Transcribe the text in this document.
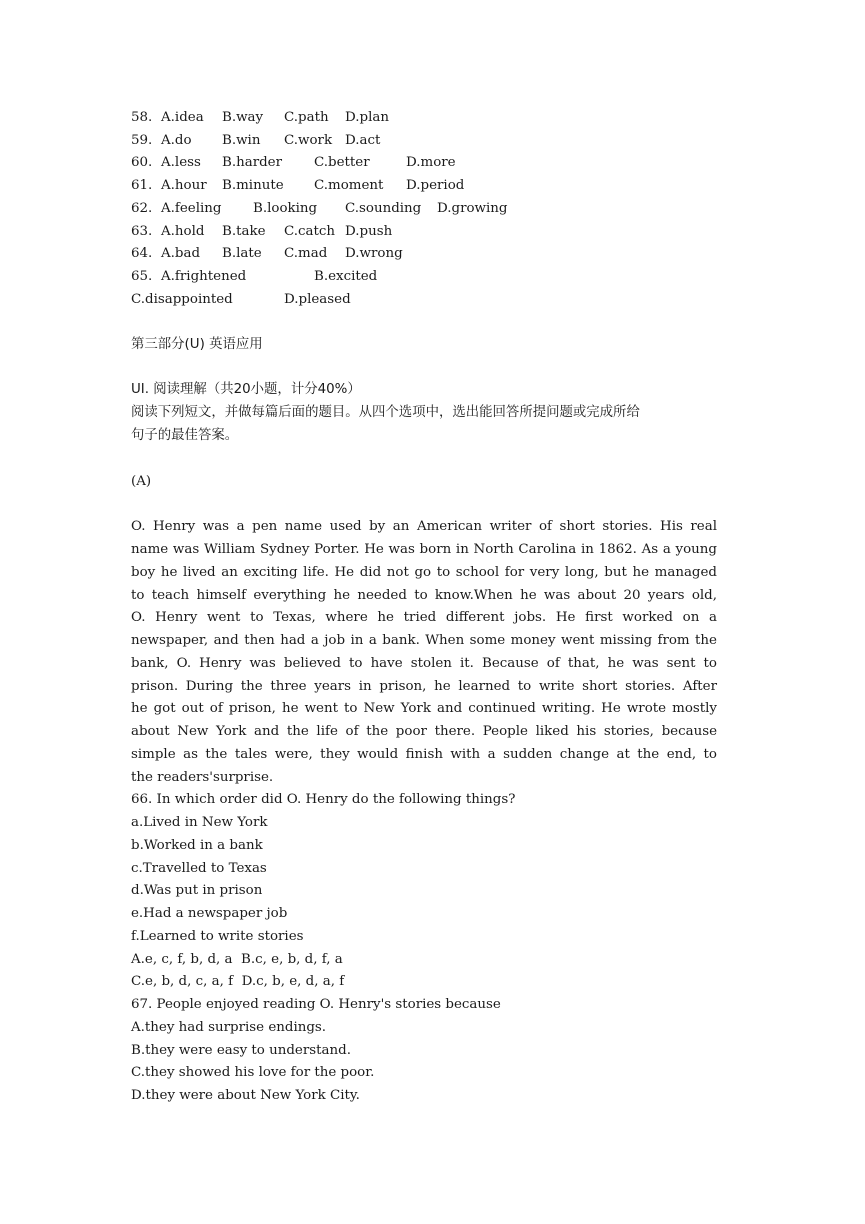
58. A.idea B.way C.path D.plan
59. A.do B.win C.work D.act
60. A.less B.harder C.better	D.more
61. A.hour B.minute C.moment D.period
62. A.feeling B.looking C.sounding D.growing
63. A.hold B.take C.catch D.push
64. A.bad B.late C.mad D.wrong
65. A.frightened	B.excited
C.disappointed	D.pleased
第三部分(U) 英语应用
UⅠ. 阅读理解（共20小题，计分40%）
阅读下列短文，并做每篇后面的题目。从四个选项中，选出能回答所提问题或完成所给
句子的最佳答案。
(A)
O. Henry was a pen name used by an American writer of short stories. His real
name was William Sydney Porter. He was born in North Carolina in 1862. As a young
boy he lived an exciting life. He did not go to school for very long, but he managed
to teach himself everything he needed to know.When he was about 20 years old,
O. Henry went to Texas, where he tried different jobs. He first worked on a
newspaper, and then had a job in a bank. When some money went missing from the
bank, O. Henry was believed to have stolen it. Because of that, he was sent to
prison. During the three years in prison, he learned to write short stories. After
he got out of prison, he went to New York and continued writing. He wrote mostly
about New York and the life of the poor there. People liked his stories, because
simple as the tales were, they would finish with a sudden change at the end, to
the readers'surprise.
66. In which order did O. Henry do the following things?
a.Lived in New York
b.Worked in a bank
c.Travelled to Texas
d.Was put in prison
e.Had a newspaper job
f.Learned to write stories
A.e, c, f, b, d, a  B.c, e, b, d, f, a
C.e, b, d, c, a, f  D.c, b, e, d, a, f
67. People enjoyed reading O. Henry's stories because
A.they had surprise endings.
B.they were easy to understand.
C.they showed his love for the poor.
D.they were about New York City.
